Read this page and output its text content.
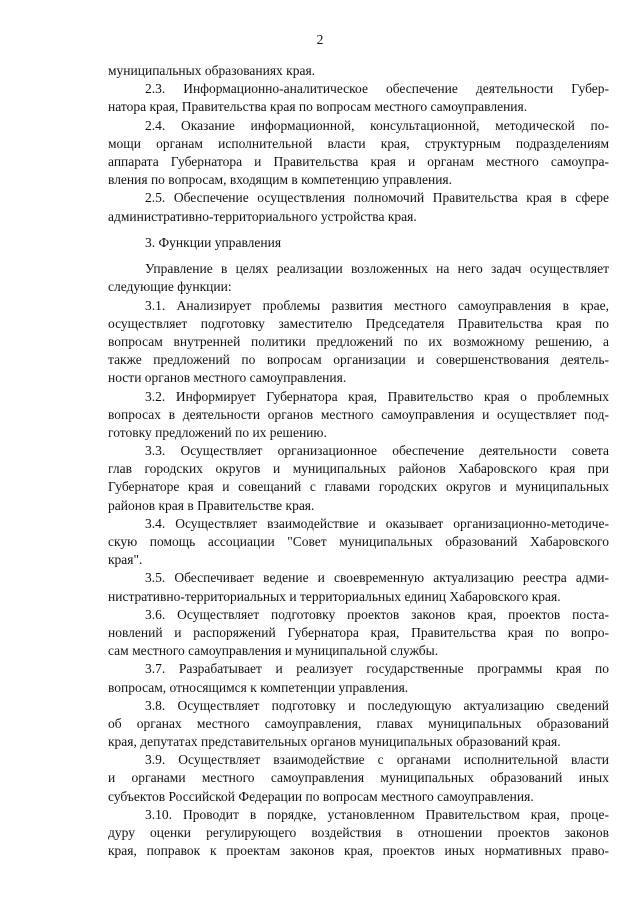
2
муниципальных образованиях края.
2.3. Информационно-аналитическое обеспечение деятельности Губер-
натора края, Правительства края по вопросам местного самоуправления.
2.4. Оказание информационной, консультационной, методической по-
мощи органам исполнительной власти края, структурным подразделениям
аппарата Губернатора и Правительства края и органам местного самоупра-
вления по вопросам, входящим в компетенцию управления.
2.5. Обеспечение осуществления полномочий Правительства края в сфере
административно-территориального устройства края.
3. Функции управления
Управление в целях реализации возложенных на него задач осуществляет
следующие функции:
3.1. Анализирует проблемы развития местного самоуправления в крае,
осуществляет подготовку заместителю Председателя Правительства края по
вопросам внутренней политики предложений по их возможному решению, а
также предложений по вопросам организации и совершенствования деятель-
ности органов местного самоуправления.
3.2. Информирует Губернатора края, Правительство края о проблемных
вопросах в деятельности органов местного самоуправления и осуществляет под-
готовку предложений по их решению.
3.3. Осуществляет организационное обеспечение деятельности совета
глав городских округов и муниципальных районов Хабаровского края при
Губернаторе края и совещаний с главами городских округов и муниципальных
районов края в Правительстве края.
3.4. Осуществляет взаимодействие и оказывает организационно-методиче-
скую помощь ассоциации "Совет муниципальных образований Хабаровского
края".
3.5. Обеспечивает ведение и своевременную актуализацию реестра адми-
нистративно-территориальных и территориальных единиц Хабаровского края.
3.6. Осуществляет подготовку проектов законов края, проектов поста-
новлений и распоряжений Губернатора края, Правительства края по вопро-
сам местного самоуправления и муниципальной службы.
3.7. Разрабатывает и реализует государственные программы края по
вопросам, относящимся к компетенции управления.
3.8. Осуществляет подготовку и последующую актуализацию сведений
об органах местного самоуправления, главах муниципальных образований
края, депутатах представительных органов муниципальных образований края.
3.9. Осуществляет взаимодействие с органами исполнительной власти
и органами местного самоуправления муниципальных образований иных
субъектов Российской Федерации по вопросам местного самоуправления.
3.10. Проводит в порядке, установленном Правительством края, проце-
дуру оценки регулирующего воздействия в отношении проектов законов
края, поправок к проектам законов края, проектов иных нормативных право-
